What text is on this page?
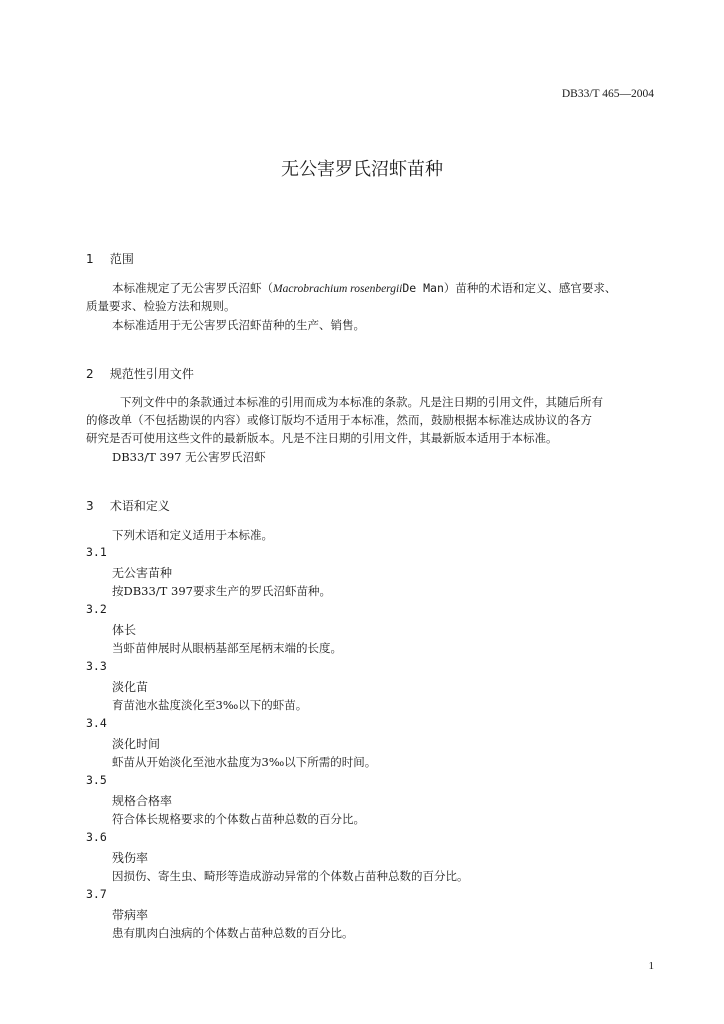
DB33/T 465—2004
无公害罗氏沼虾苗种
1 范围
本标准规定了无公害罗氏沼虾（Macrobrachium rosenbergiiDe Man）苗种的术语和定义、感官要求、
质量要求、检验方法和规则。
本标准适用于无公害罗氏沼虾苗种的生产、销售。
2 规范性引用文件
下列文件中的条款通过本标准的引用而成为本标准的条款。凡是注日期的引用文件，其随后所有
的修改单（不包括勘误的内容）或修订版均不适用于本标准，然而，鼓励根据本标准达成协议的各方
研究是否可使用这些文件的最新版本。凡是不注日期的引用文件，其最新版本适用于本标准。
DB33/T 397 无公害罗氏沼虾
3 术语和定义
下列术语和定义适用于本标准。
3.1
无公害苗种
按DB33/T 397要求生产的罗氏沼虾苗种。
3.2
体长
当虾苗伸展时从眼柄基部至尾柄末端的长度。
3.3
淡化苗
育苗池水盐度淡化至3‰以下的虾苗。
3.4
淡化时间
虾苗从开始淡化至池水盐度为3‰以下所需的时间。
3.5
规格合格率
符合体长规格要求的个体数占苗种总数的百分比。
3.6
残伤率
因损伤、寄生虫、畸形等造成游动异常的个体数占苗种总数的百分比。
3.7
带病率
患有肌肉白浊病的个体数占苗种总数的百分比。
1
